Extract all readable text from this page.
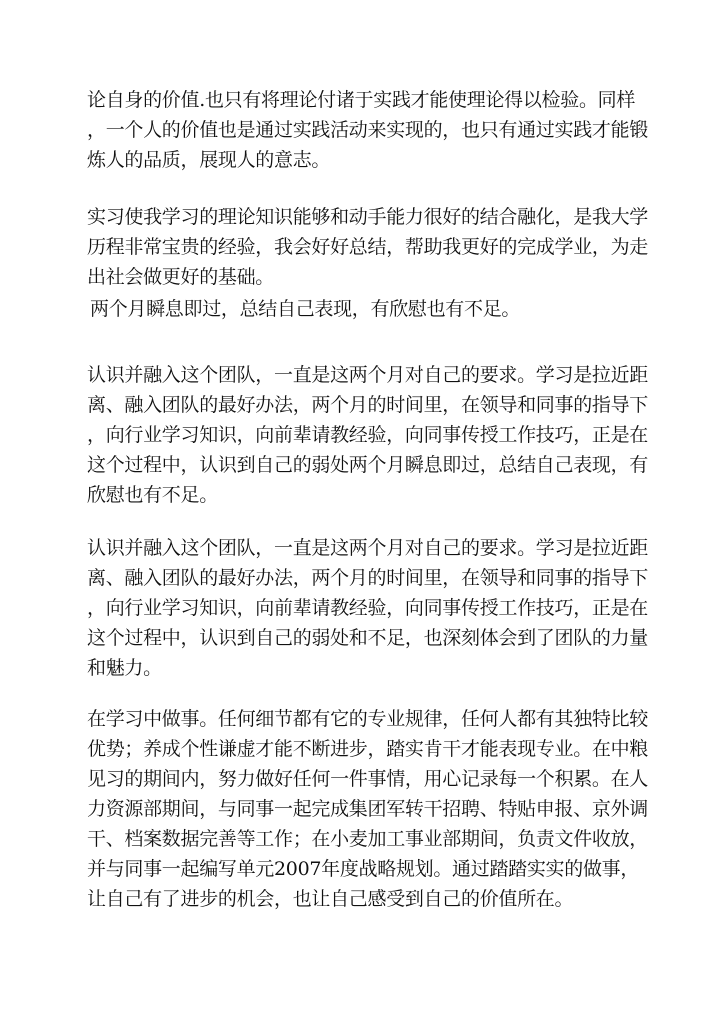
论自身的价值.也只有将理论付诸于实践才能使理论得以检验。同样
，一个人的价值也是通过实践活动来实现的，也只有通过实践才能锻
炼人的品质，展现人的意志。

实习使我学习的理论知识能够和动手能力很好的结合融化，是我大学
历程非常宝贵的经验，我会好好总结，帮助我更好的完成学业，为走
出社会做更好的基础。

两个月瞬息即过，总结自己表现，有欣慰也有不足。

认识并融入这个团队，一直是这两个月对自己的要求。学习是拉近距
离、融入团队的最好办法，两个月的时间里，在领导和同事的指导下
，向行业学习知识，向前辈请教经验，向同事传授工作技巧，正是在
这个过程中，认识到自己的弱处两个月瞬息即过，总结自己表现，有
欣慰也有不足。

认识并融入这个团队，一直是这两个月对自己的要求。学习是拉近距
离、融入团队的最好办法，两个月的时间里，在领导和同事的指导下
，向行业学习知识，向前辈请教经验，向同事传授工作技巧，正是在
这个过程中，认识到自己的弱处和不足，也深刻体会到了团队的力量
和魅力。

在学习中做事。任何细节都有它的专业规律，任何人都有其独特比较
优势；养成个性谦虚才能不断进步，踏实肯干才能表现专业。在中粮
见习的期间内，努力做好任何一件事情，用心记录每一个积累。在人
力资源部期间，与同事一起完成集团军转干招聘、特贴申报、京外调
干、档案数据完善等工作；在小麦加工事业部期间，负责文件收放，
并与同事一起编写单元2007年度战略规划。通过踏踏实实的做事，
让自己有了进步的机会，也让自己感受到自己的价值所在。
